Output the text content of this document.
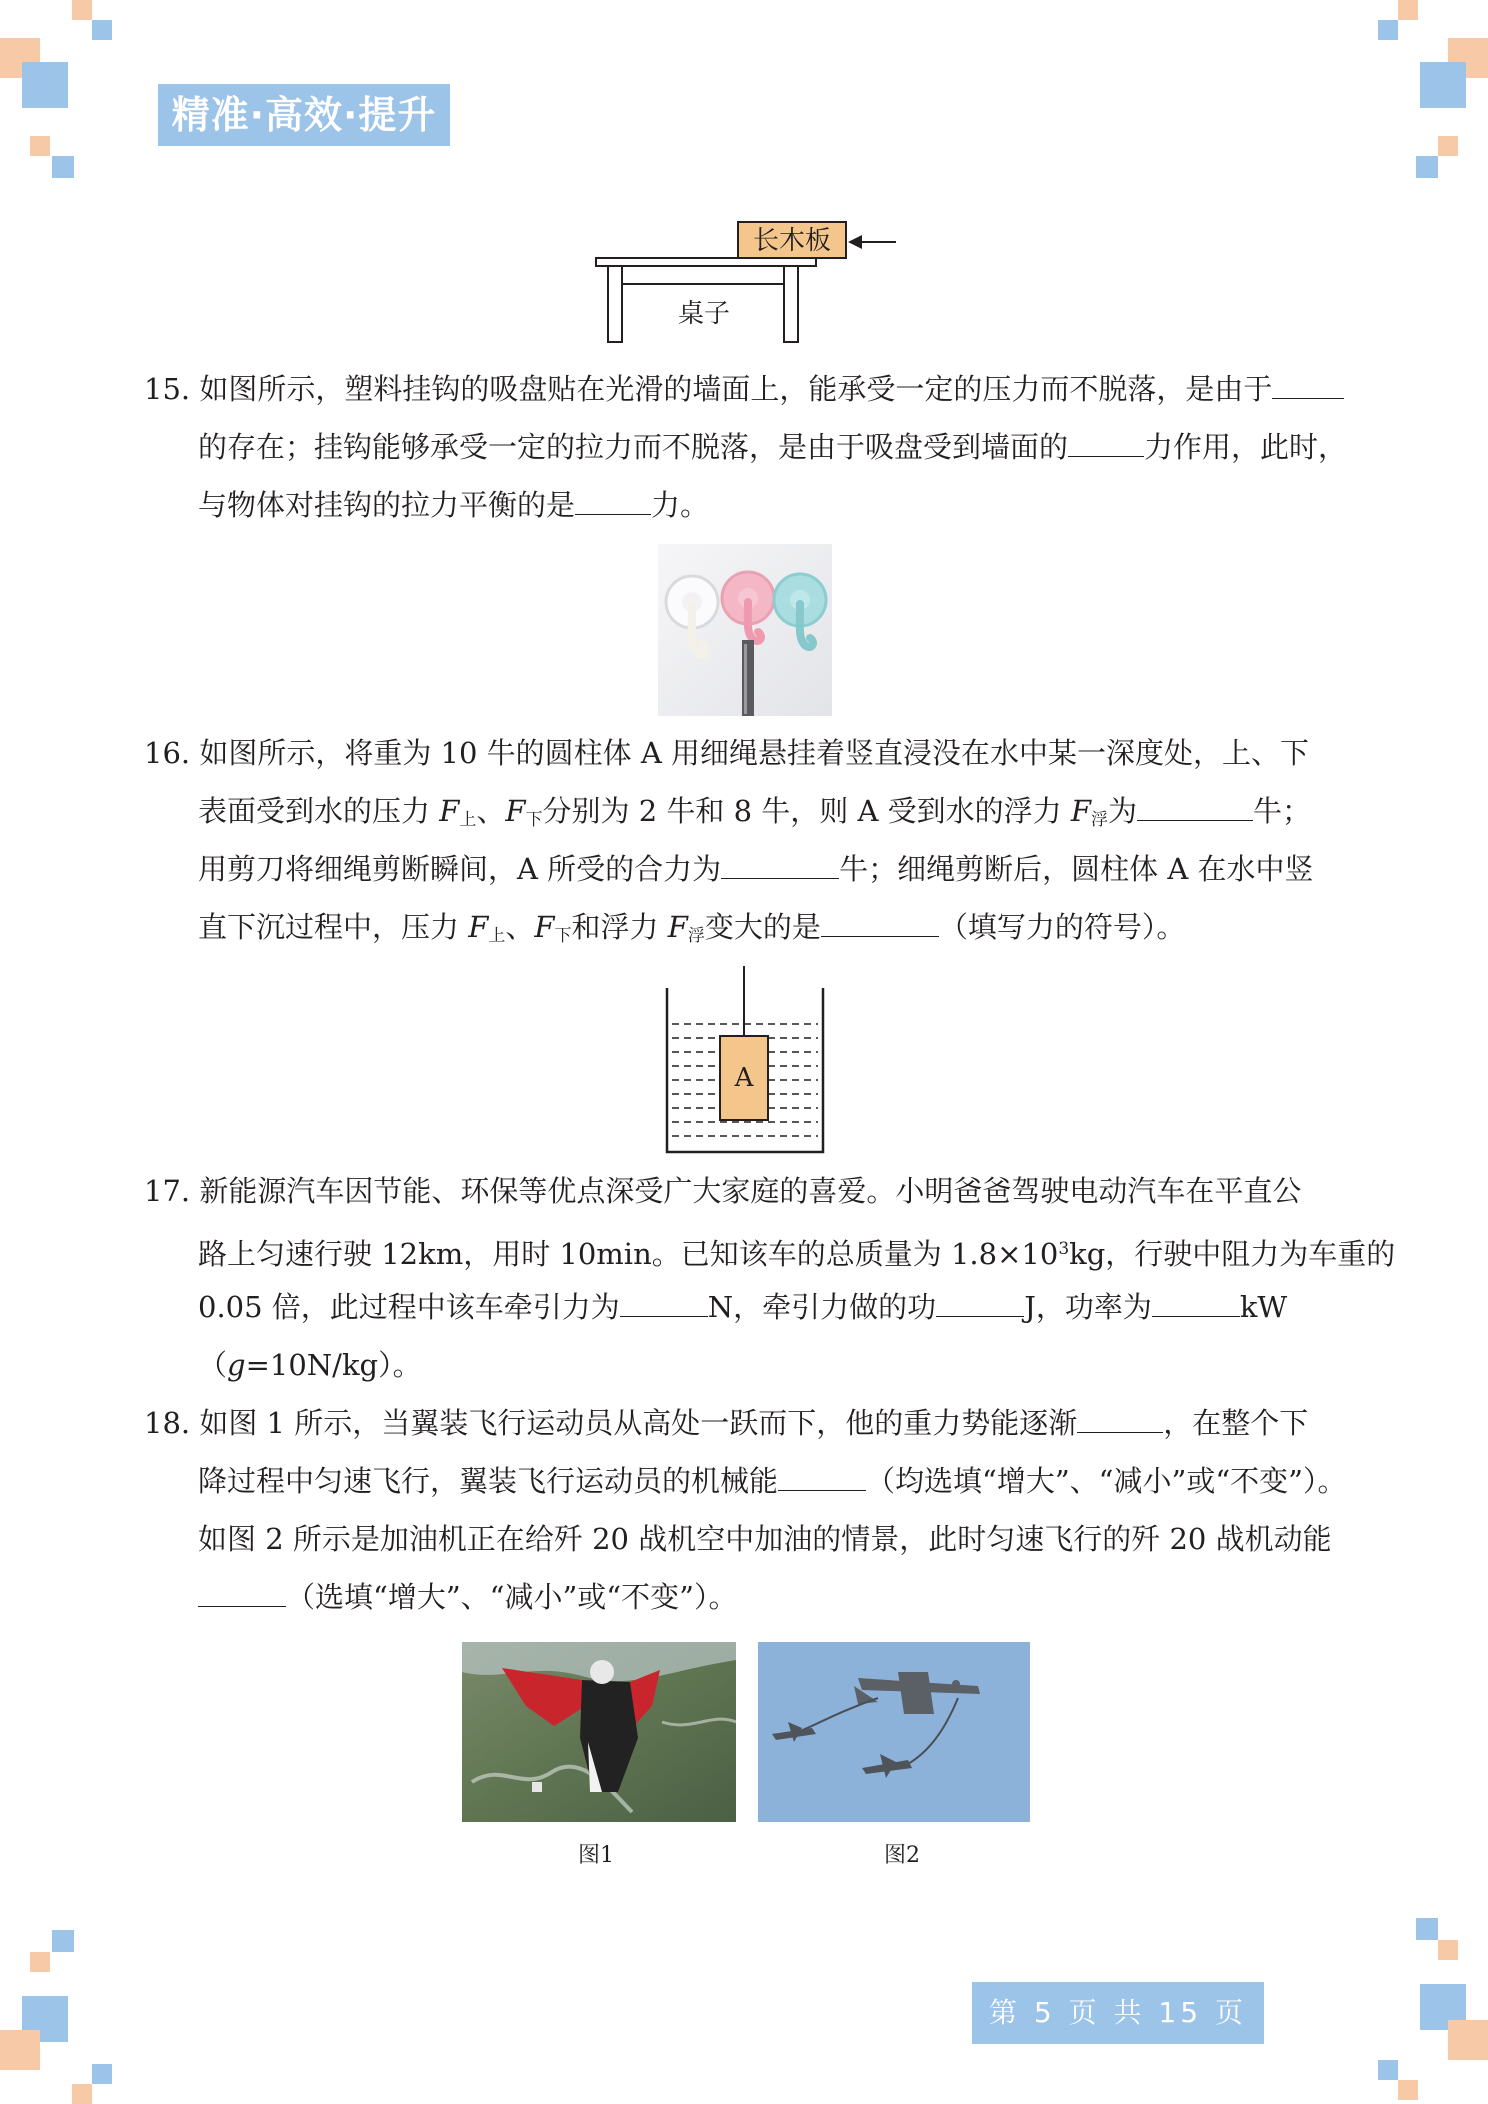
精准·高效·提升
长木板
桌子
15. 如图所示，塑料挂钩的吸盘贴在光滑的墙面上，能承受一定的压力而不脱落，是由于
的存在；挂钩能够承受一定的拉力而不脱落，是由于吸盘受到墙面的	力作用，此时，
与物体对挂钩的拉力平衡的是	力。
16. 如图所示，将重为 10 牛的圆柱体 A 用细绳悬挂着竖直浸没在水中某一深度处，上、下
表面受到水的压力 $F_上$、$F_下$分别为 2 牛和 8 牛，则 A 受到水的浮力 $F_浮$为	牛；
用剪刀将细绳剪断瞬间，A 所受的合力为	牛；细绳剪断后，圆柱体 A 在水中竖
直下沉过程中，压力 $F_上$、$F_下$和浮力 $F_浮$变大的是	（填写力的符号）。
A
17. 新能源汽车因节能、环保等优点深受广大家庭的喜爱。小明爸爸驾驶电动汽车在平直公
路上匀速行驶 12km，用时 10min。已知该车的总质量为 $1.8\times 10^3kg$，行驶中阻力为车重的
0.05 倍，此过程中该车牵引力为	N，牵引力做的功	J，功率为	kW
（g=10N/kg）。
18. 如图 1 所示，当翼装飞行运动员从高处一跃而下，他的重力势能逐渐	，在整个下
降过程中匀速飞行，翼装飞行运动员的机械能	（均选填“增大”、“减小”或“不变”）。
如图 2 所示是加油机正在给歼 20 战机空中加油的情景，此时匀速飞行的歼 20 战机动能
（选填“增大”、“减小”或“不变”）。
图1	图2
第 5 页 共 15 页
